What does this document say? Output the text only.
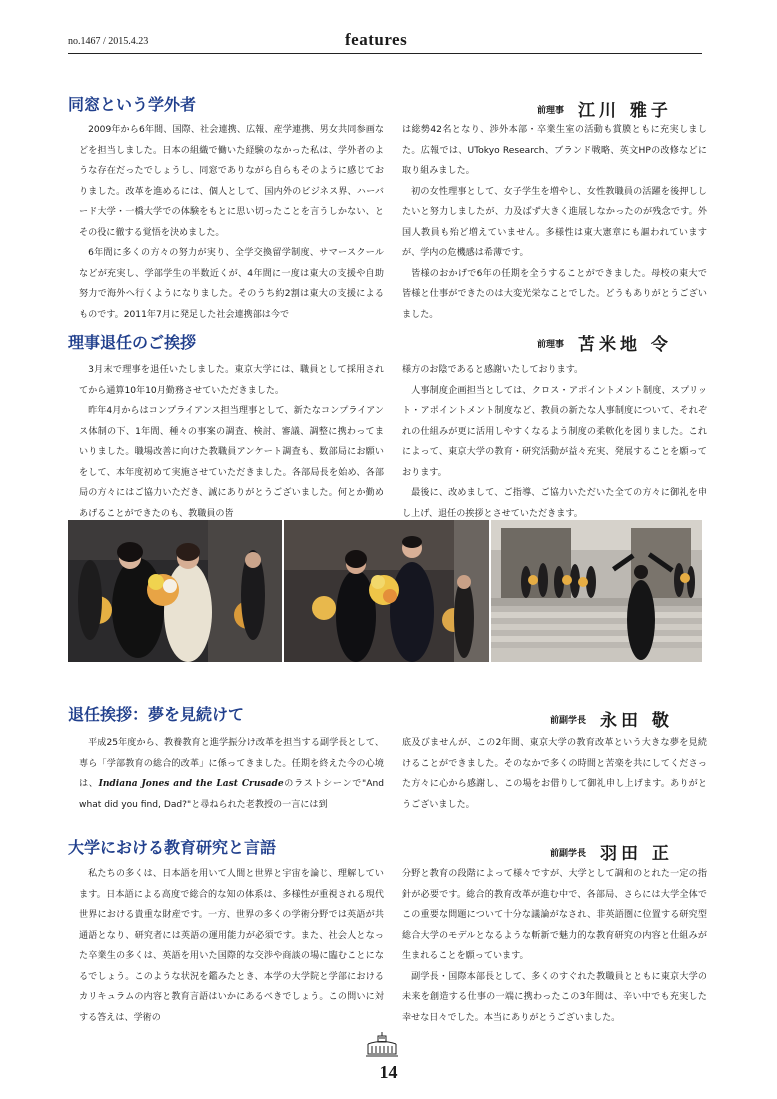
no.1467 / 2015.4.23	features
同窓という学外者	前理事 江川 雅子

2009年から6年間、国際、社会連携、広報、産学連携、男女共同参画などを担当しました。日本の組織で働いた経験のなかった私は、学外者のような存在だったでしょうし、同窓でありながら自らもそのように感じておりました。改革を進めるには、個人として、国内外のビジネス界、ハーバード大学・一橋大学での体験をもとに思い切ったことを言うしかない、とその役に徹する覚悟を決めました。

6年間に多くの方々の努力が実り、全学交換留学制度、サマースクールなどが充実し、学部学生の半数近くが、4年間に一度は東大の支援や自助努力で海外へ行くようになりました。そのうち約2割は東大の支援によるものです。2011年7月に発足した社会連携部は今で

は総勢42名となり、渉外本部・卒業生室の活動も賞膜ともに充実しました。広報では、UTokyo Research、ブランド戦略、英文HPの改修などに取り組みました。

初の女性理事として、女子学生を増やし、女性教職員の活躍を後押ししたいと努力しましたが、力及ばず大きく進展しなかったのが残念です。外国人教員も殆ど増えていません。多様性は東大憲章にも謳われていますが、学内の危機感は希薄です。

皆様のおかげで6年の任期を全うすることができました。母校の東大で皆様と仕事ができたのは大変光栄なことでした。どうもありがとうございました。

理事退任のご挨拶	前理事 苫米地 令

3月末で理事を退任いたしました。東京大学には、職員として採用されてから通算10年10月勤務させていただきました。

昨年4月からはコンプライアンス担当理事として、新たなコンプライアンス体制の下、1年間、種々の事案の調査、検討、審議、調整に携わってまいりました。職場改善に向けた教職員アンケート調査も、数部局にお願いをして、本年度初めて実施させていただきました。各部局長を始め、各部局の方々にはご協力いただき、誠にありがとうございました。何とか勤めあげることができたのも、教職員の皆

様方のお陰であると感謝いたしております。

人事制度企画担当としては、クロス・アポイントメント制度、スプリット・アポイントメント制度など、教員の新たな人事制度について、それぞれの仕組みが更に活用しやすくなるよう制度の柔軟化を図りました。これによって、東京大学の教育・研究活動が益々充実、発展することを願っております。

最後に、改めまして、ご指導、ご協力いただいた全ての方々に御礼を申し上げ、退任の挨拶とさせていただきます。

退任挨拶：夢を見続けて	前副学長 永田 敬

平成25年度から、教養教育と進学振分け改革を担当する副学長として、専ら「学部教育の総合的改革」に係ってきました。任期を終えた今の心境は、Indiana Jones and the Last Crusadeのラストシーンで"And what did you find, Dad?"と尋ねられた老教授の一言には到

底及びませんが、この2年間、東京大学の教育改革という大きな夢を見続けることができました。そのなかで多くの時間と苦楽を共にしてくださった方々に心から感謝し、この場をお借りして御礼申し上げます。ありがとうございました。

大学における教育研究と言語	前副学長 羽田 正

私たちの多くは、日本語を用いて人間と世界と宇宙を論じ、理解しています。日本語による高度で総合的な知の体系は、多様性が重視される現代世界における貴重な財産です。一方、世界の多くの学術分野では英語が共通語となり、研究者には英語の運用能力が必須です。また、社会人となった卒業生の多くは、英語を用いた国際的な交渉や商談の場に臨むことになるでしょう。このような状況を鑑みたとき、本学の大学院と学部におけるカリキュラムの内容と教育言語はいかにあるべきでしょう。この問いに対する答えは、学術の

分野と教育の段階によって様々ですが、大学として調和のとれた一定の指針が必要です。総合的教育改革が進む中で、各部局、さらには大学全体でこの重要な問題について十分な議論がなされ、非英語圏に位置する研究型総合大学のモデルとなるような斬新で魅力的な教育研究の内容と仕組みが生まれることを願っています。

副学長・国際本部長として、多くのすぐれた教職員とともに東京大学の未来を創造する仕事の一端に携わったこの3年間は、辛い中でも充実した幸せな日々でした。本当にありがとうございました。

14
